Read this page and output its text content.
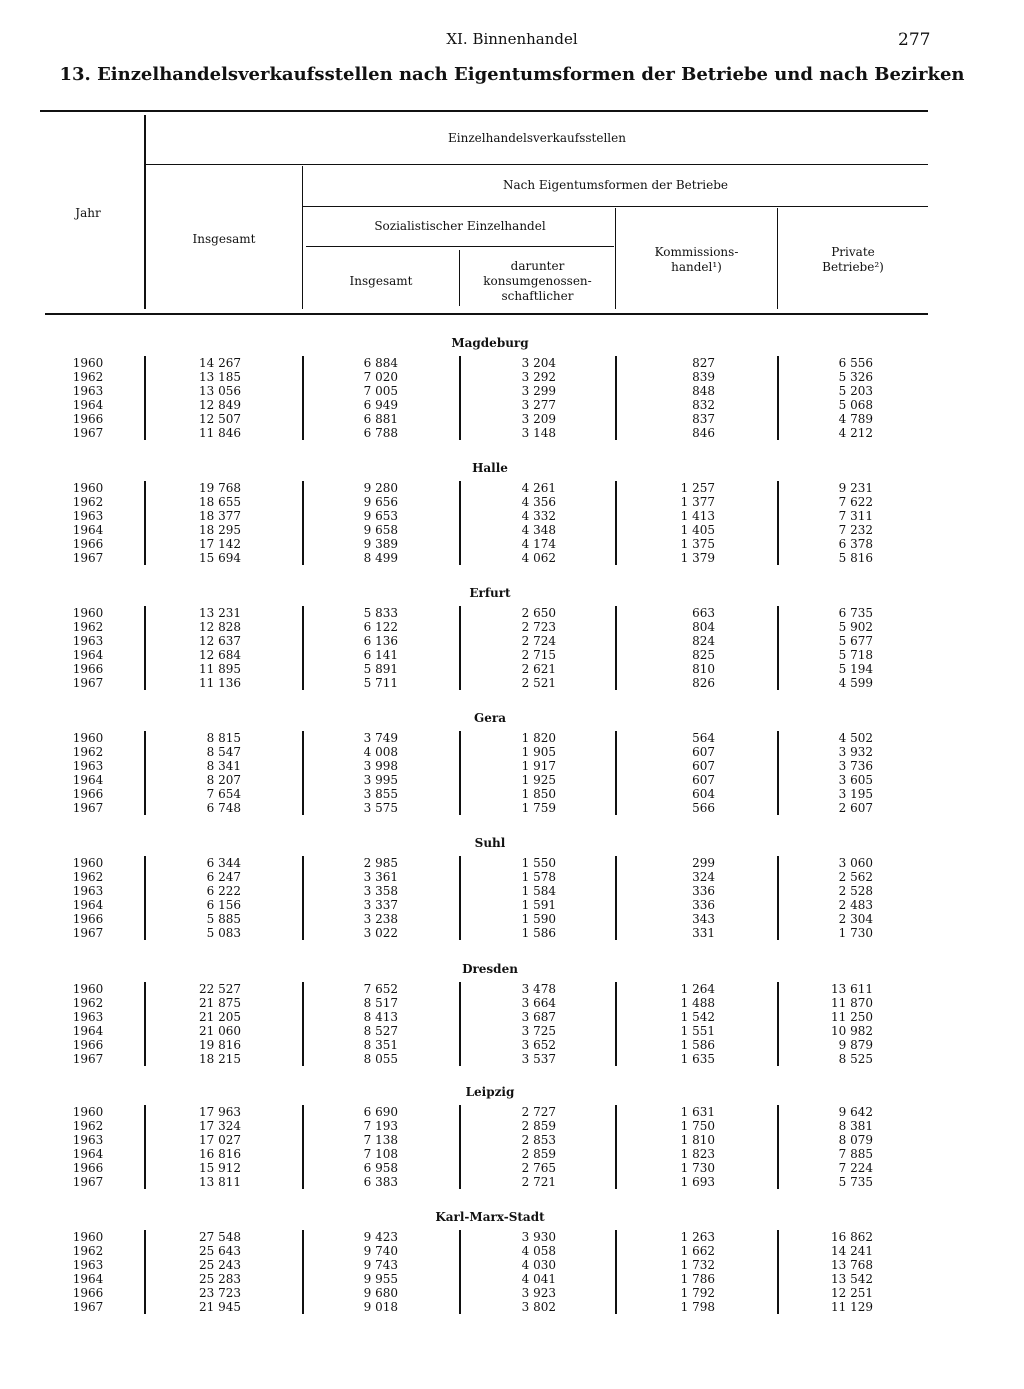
XI. Binnenhandel	277
13. Einzelhandelsverkaufsstellen nach Eigentumsformen der Betriebe und nach Bezirken
Jahr
Einzelhandelsverkaufsstellen
Insgesamt
Nach Eigentumsformen der Betriebe
Sozialistischer Einzelhandel
Insgesamt
darunter
konsumgenossen-
schaftlicher
Kommissions-
handel¹)
Private
Betriebe²)
Magdeburg
1960	14 267	6 884	3 204	827	6 556
1962	13 185	7 020	3 292	839	5 326
1963	13 056	7 005	3 299	848	5 203
1964	12 849	6 949	3 277	832	5 068
1966	12 507	6 881	3 209	837	4 789
1967	11 846	6 788	3 148	846	4 212
Halle
1960	19 768	9 280	4 261	1 257	9 231
1962	18 655	9 656	4 356	1 377	7 622
1963	18 377	9 653	4 332	1 413	7 311
1964	18 295	9 658	4 348	1 405	7 232
1966	17 142	9 389	4 174	1 375	6 378
1967	15 694	8 499	4 062	1 379	5 816
Erfurt
1960	13 231	5 833	2 650	663	6 735
1962	12 828	6 122	2 723	804	5 902
1963	12 637	6 136	2 724	824	5 677
1964	12 684	6 141	2 715	825	5 718
1966	11 895	5 891	2 621	810	5 194
1967	11 136	5 711	2 521	826	4 599
Gera
1960	8 815	3 749	1 820	564	4 502
1962	8 547	4 008	1 905	607	3 932
1963	8 341	3 998	1 917	607	3 736
1964	8 207	3 995	1 925	607	3 605
1966	7 654	3 855	1 850	604	3 195
1967	6 748	3 575	1 759	566	2 607
Suhl
1960	6 344	2 985	1 550	299	3 060
1962	6 247	3 361	1 578	324	2 562
1963	6 222	3 358	1 584	336	2 528
1964	6 156	3 337	1 591	336	2 483
1966	5 885	3 238	1 590	343	2 304
1967	5 083	3 022	1 586	331	1 730
Dresden
1960	22 527	7 652	3 478	1 264	13 611
1962	21 875	8 517	3 664	1 488	11 870
1963	21 205	8 413	3 687	1 542	11 250
1964	21 060	8 527	3 725	1 551	10 982
1966	19 816	8 351	3 652	1 586	9 879
1967	18 215	8 055	3 537	1 635	8 525
Leipzig
1960	17 963	6 690	2 727	1 631	9 642
1962	17 324	7 193	2 859	1 750	8 381
1963	17 027	7 138	2 853	1 810	8 079
1964	16 816	7 108	2 859	1 823	7 885
1966	15 912	6 958	2 765	1 730	7 224
1967	13 811	6 383	2 721	1 693	5 735
Karl-Marx-Stadt
1960	27 548	9 423	3 930	1 263	16 862
1962	25 643	9 740	4 058	1 662	14 241
1963	25 243	9 743	4 030	1 732	13 768
1964	25 283	9 955	4 041	1 786	13 542
1966	23 723	9 680	3 923	1 792	12 251
1967	21 945	9 018	3 802	1 798	11 129
